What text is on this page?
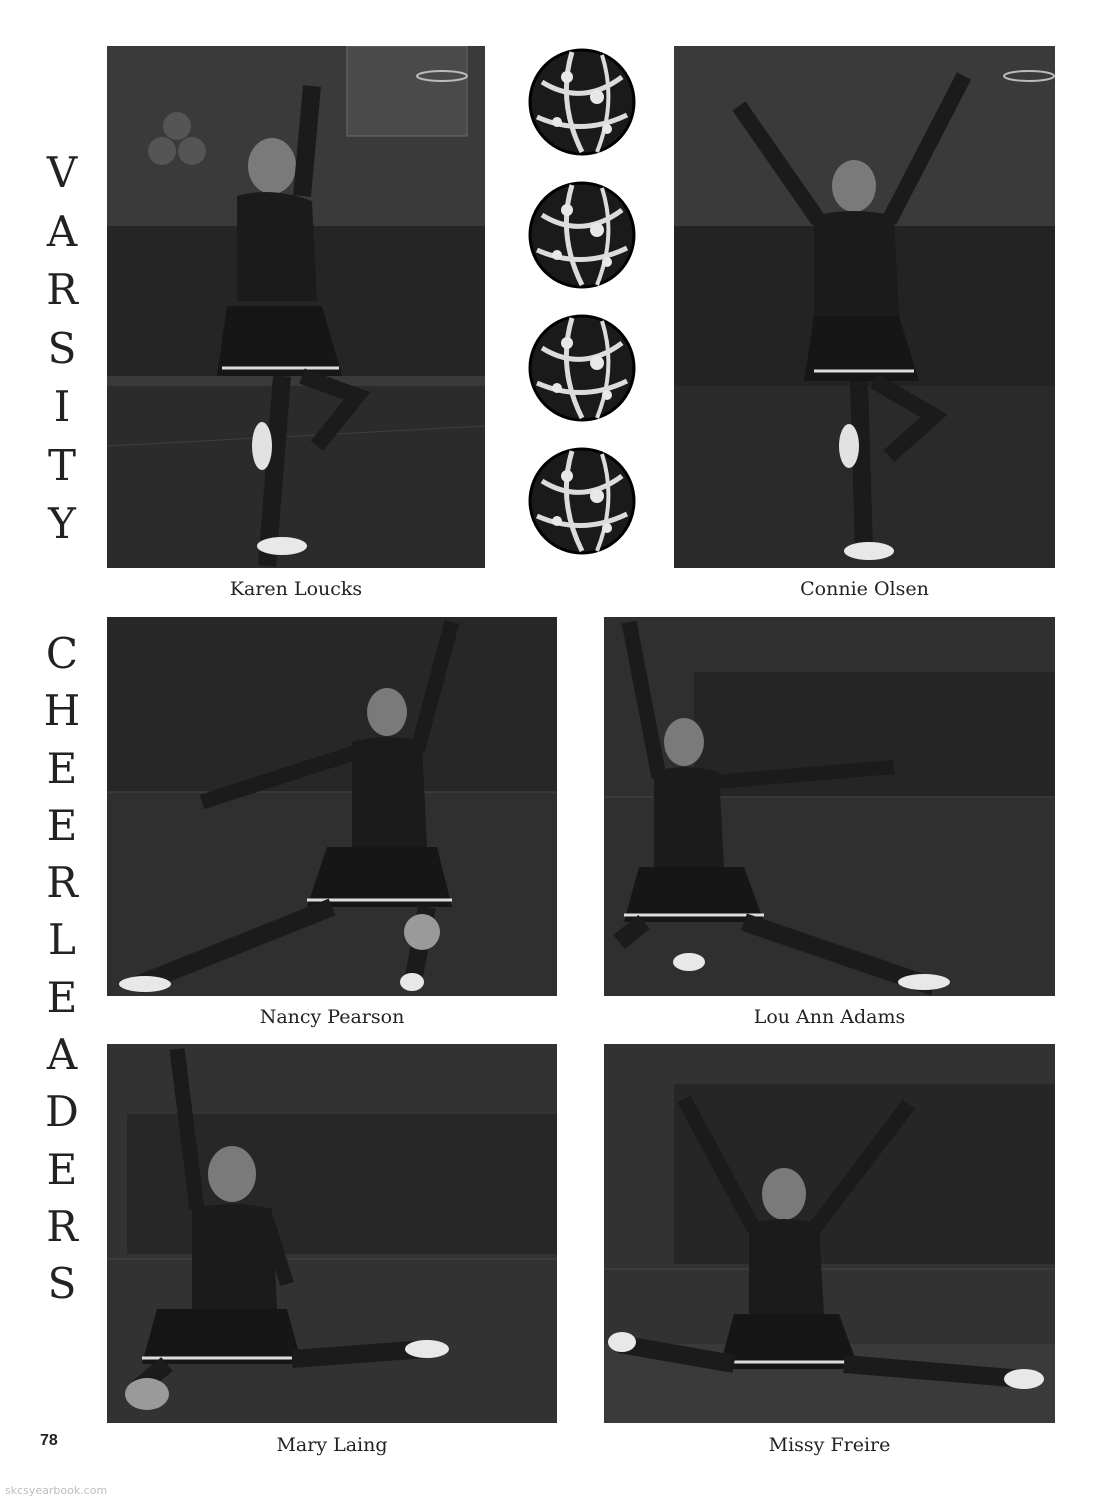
V
A
R
S
I
T
Y
C
H
E
E
R
L
E
A
D
E
R
S
Karen Loucks	Connie Olsen
Nancy Pearson	Lou Ann Adams
Mary Laing	Missy Freire
78
skcsyearbook.com
